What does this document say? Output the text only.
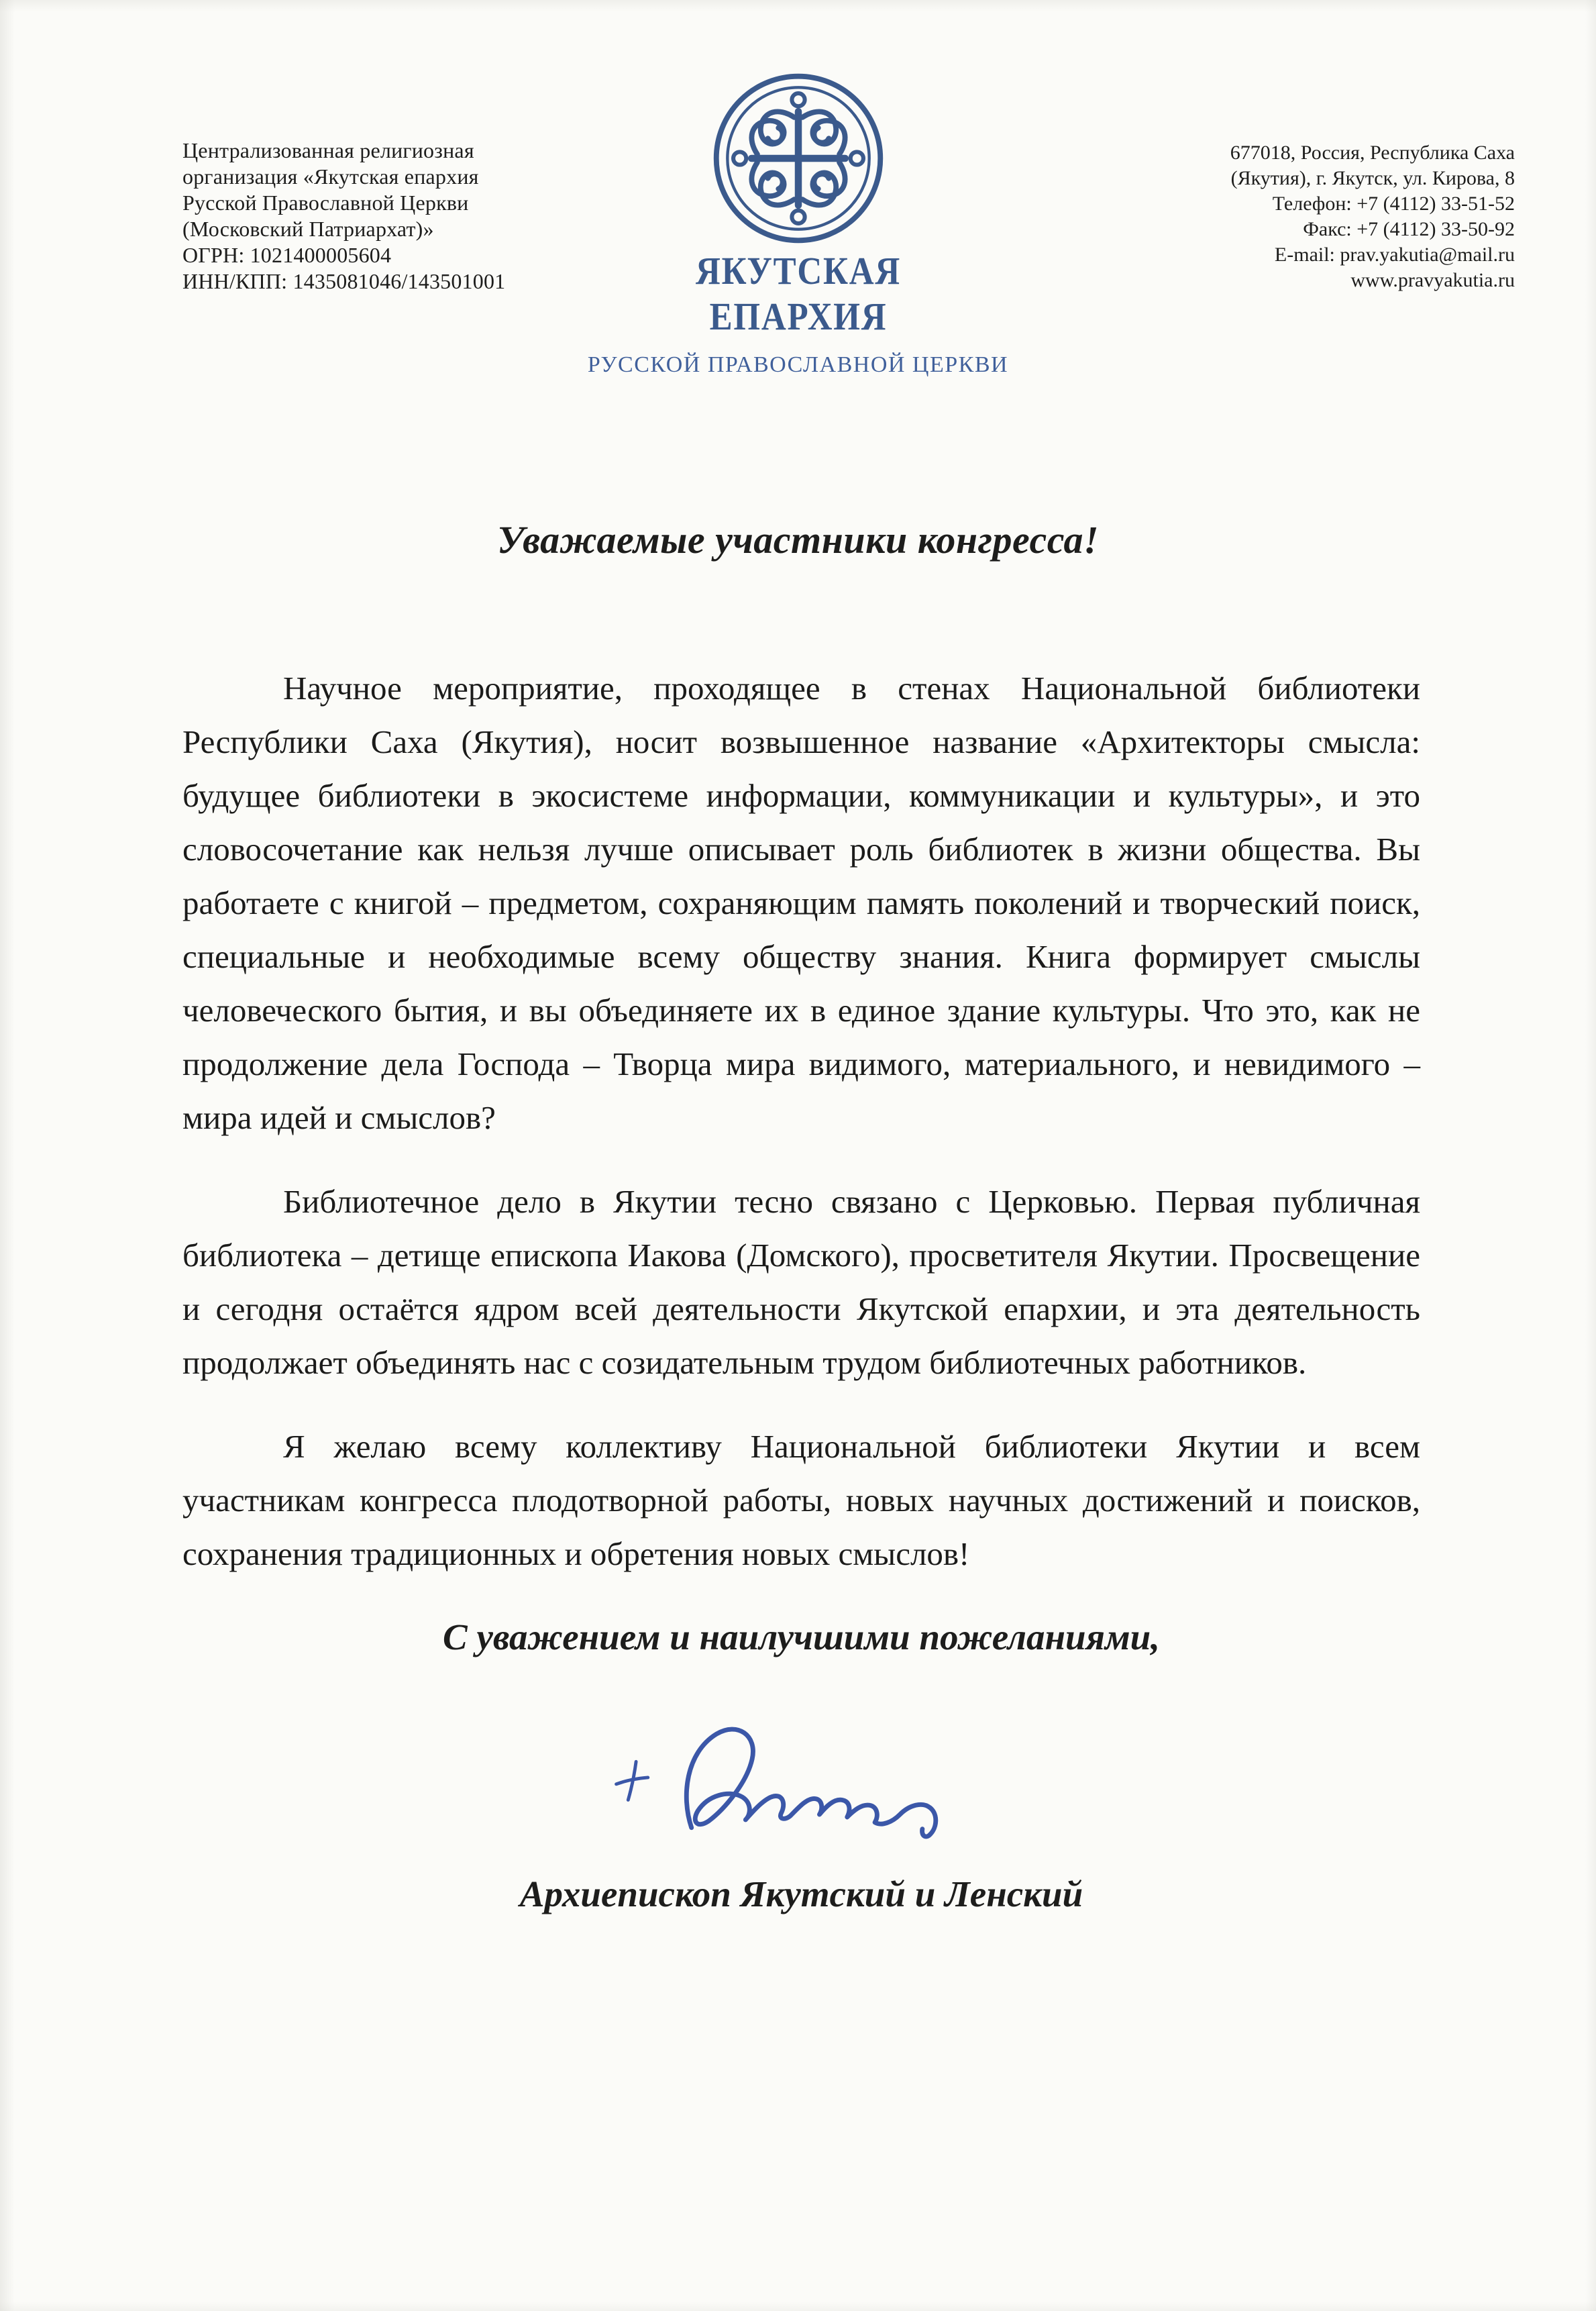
Централизованная религиозная
организация «Якутская епархия
Русской Православной Церкви
(Московский Патриархат)»
ОГРН: 1021400005604
ИНН/КПП: 1435081046/143501001	ЯКУТСКАЯ
ЕПАРХИЯ
РУССКОЙ ПРАВОСЛАВНОЙ ЦЕРКВИ
677018, Россия, Республика Саха
(Якутия), г. Якутск, ул. Кирова, 8
Телефон: +7 (4112) 33-51-52
Факс: +7 (4112) 33-50-92
E-mail: prav.yakutia@mail.ru
www.pravyakutia.ru
Уважаемые участники конгресса!

Научное мероприятие, проходящее в стенах Национальной библиотеки Республики Саха (Якутия), носит возвышенное название «Архитекторы смысла: будущее библиотеки в экосистеме информации, коммуникации и культуры», и это словосочетание как нельзя лучше описывает роль библиотек в жизни общества. Вы работаете с книгой – предметом, сохраняющим память поколений и творческий поиск, специальные и необходимые всему обществу знания. Книга формирует смыслы человеческого бытия, и вы объединяете их в единое здание культуры. Что это, как не продолжение дела Господа – Творца мира видимого, материального, и невидимого – мира идей и смыслов?

Библиотечное дело в Якутии тесно связано с Церковью. Первая публичная библиотека – детище епископа Иакова (Домского), просветителя Якутии. Просвещение и сегодня остаётся ядром всей деятельности Якутской епархии, и эта деятельность продолжает объединять нас с созидательным трудом библиотечных работников.

Я желаю всему коллективу Национальной библиотеки Якутии и всем участникам конгресса плодотворной работы, новых научных достижений и поисков, сохранения традиционных и обретения новых смыслов!

С уважением и наилучшими пожеланиями,
Архиепископ Якутский и Ленский
